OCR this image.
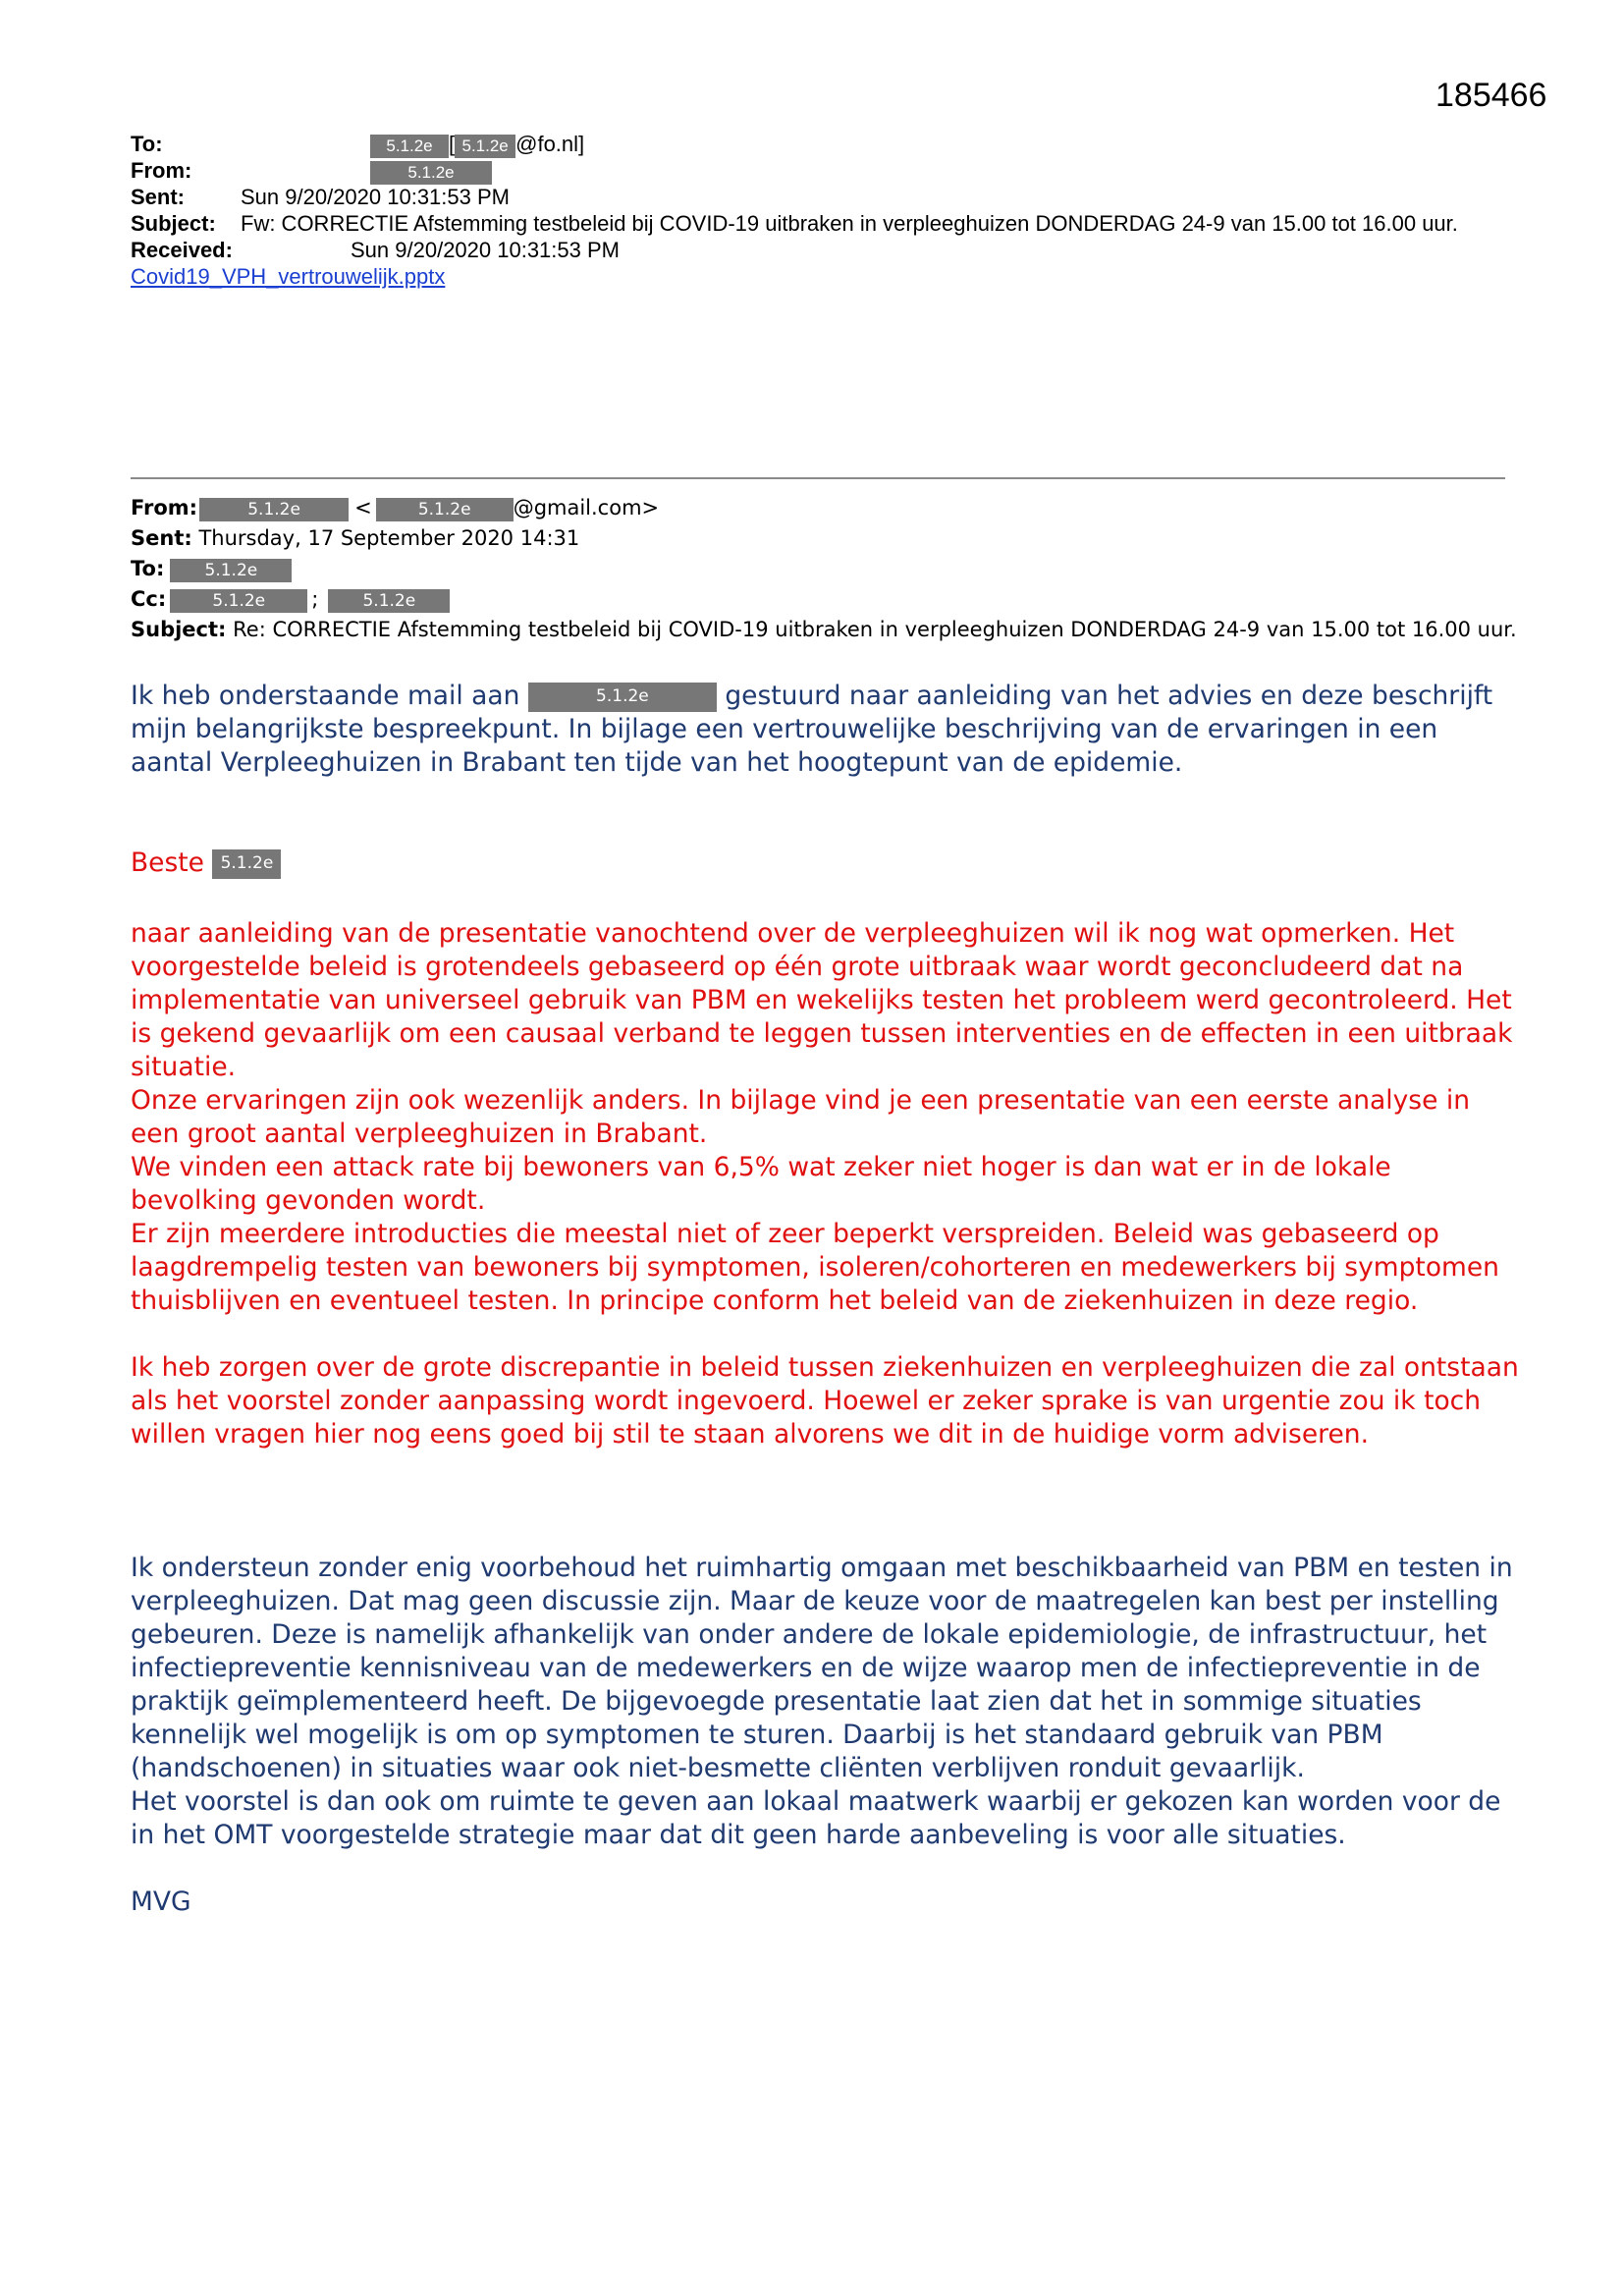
185466
To:	5.1.2e [ 5.1.2e @fo.nl]
From:	5.1.2e
Sent:	Sun 9/20/2020 10:31:53 PM
Subject: Fw: CORRECTIE Afstemming testbeleid bij COVID-19 uitbraken in verpleeghuizen DONDERDAG 24-9 van 15.00 tot 16.00 uur.
Received:	Sun 9/20/2020 10:31:53 PM
Covid19_VPH_vertrouwelijk.pptx
From:	5.1.2e	<	5.1.2e @gmail.com>
Sent: Thursday, 17 September 2020 14:31
To: 5.1.2e
Cc:	5.1.2e ;	5.1.2e
Subject: Re: CORRECTIE Afstemming testbeleid bij COVID-19 uitbraken in verpleeghuizen DONDERDAG 24-9 van 15.00 tot 16.00 uur.

Ik heb onderstaande mail aan	5.1.2e	gestuurd naar aanleiding van het advies en deze beschrijft mijn belangrijkste bespreekpunt. In bijlage een vertrouwelijke beschrijving van de ervaringen in een aantal Verpleeghuizen in Brabant ten tijde van het hoogtepunt van de epidemie.

Beste 5.1.2e

naar aanleiding van de presentatie vanochtend over de verpleeghuizen wil ik nog wat opmerken. Het voorgestelde beleid is grotendeels gebaseerd op één grote uitbraak waar wordt geconcludeerd dat na implementatie van universeel gebruik van PBM en wekelijks testen het probleem werd gecontroleerd. Het is gekend gevaarlijk om een causaal verband te leggen tussen interventies en de effecten in een uitbraak situatie.

Onze ervaringen zijn ook wezenlijk anders. In bijlage vind je een presentatie van een eerste analyse in een groot aantal verpleeghuizen in Brabant.

We vinden een attack rate bij bewoners van 6,5% wat zeker niet hoger is dan wat er in de lokale bevolking gevonden wordt.

Er zijn meerdere introducties die meestal niet of zeer beperkt verspreiden. Beleid was gebaseerd op laagdrempelig testen van bewoners bij symptomen, isoleren/cohorteren en medewerkers bij symptomen thuisblijven en eventueel testen. In principe conform het beleid van de ziekenhuizen in deze regio.

Ik heb zorgen over de grote discrepantie in beleid tussen ziekenhuizen en verpleeghuizen die zal ontstaan als het voorstel zonder aanpassing wordt ingevoerd. Hoewel er zeker sprake is van urgentie zou ik toch willen vragen hier nog eens goed bij stil te staan alvorens we dit in de huidige vorm adviseren.

Ik ondersteun zonder enig voorbehoud het ruimhartig omgaan met beschikbaarheid van PBM en testen in verpleeghuizen. Dat mag geen discussie zijn. Maar de keuze voor de maatregelen kan best per instelling gebeuren. Deze is namelijk afhankelijk van onder andere de lokale epidemiologie, de infrastructuur, het infectiepreventie kennisniveau van de medewerkers en de wijze waarop men de infectiepreventie in de praktijk geïmplementeerd heeft. De bijgevoegde presentatie laat zien dat het in sommige situaties kennelijk wel mogelijk is om op symptomen te sturen. Daarbij is het standaard gebruik van PBM (handschoenen) in situaties waar ook niet-besmette cliënten verblijven ronduit gevaarlijk.

Het voorstel is dan ook om ruimte te geven aan lokaal maatwerk waarbij er gekozen kan worden voor de in het OMT voorgestelde strategie maar dat dit geen harde aanbeveling is voor alle situaties.

MVG
